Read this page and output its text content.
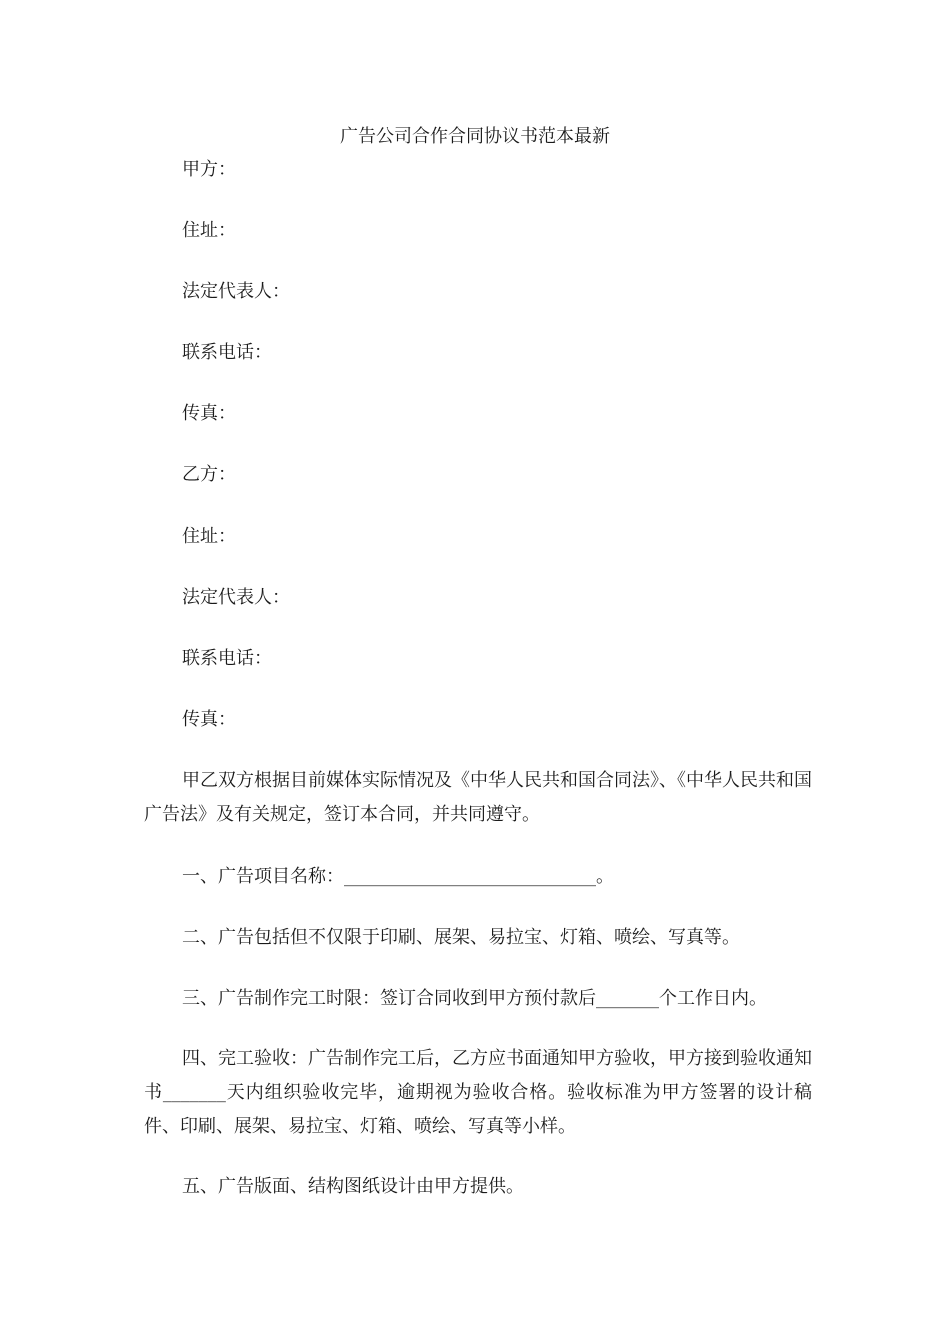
广告公司合作合同协议书范本最新
甲方：
住址：
法定代表人：
联系电话：
传真：
乙方：
住址：
法定代表人：
联系电话：
传真：
甲乙双方根据目前媒体实际情况及《中华人民共和国合同法》、《中华人民共和国广告法》及有关规定，签订本合同，并共同遵守。
一、广告项目名称：____________________________。
二、广告包括但不仅限于印刷、展架、易拉宝、灯箱、喷绘、写真等。
三、广告制作完工时限：签订合同收到甲方预付款后_______个工作日内。
四、完工验收：广告制作完工后，乙方应书面通知甲方验收，甲方接到验收通知书_______天内组织验收完毕，逾期视为验收合格。验收标准为甲方签署的设计稿件、印刷、展架、易拉宝、灯箱、喷绘、写真等小样。
五、广告版面、结构图纸设计由甲方提供。
